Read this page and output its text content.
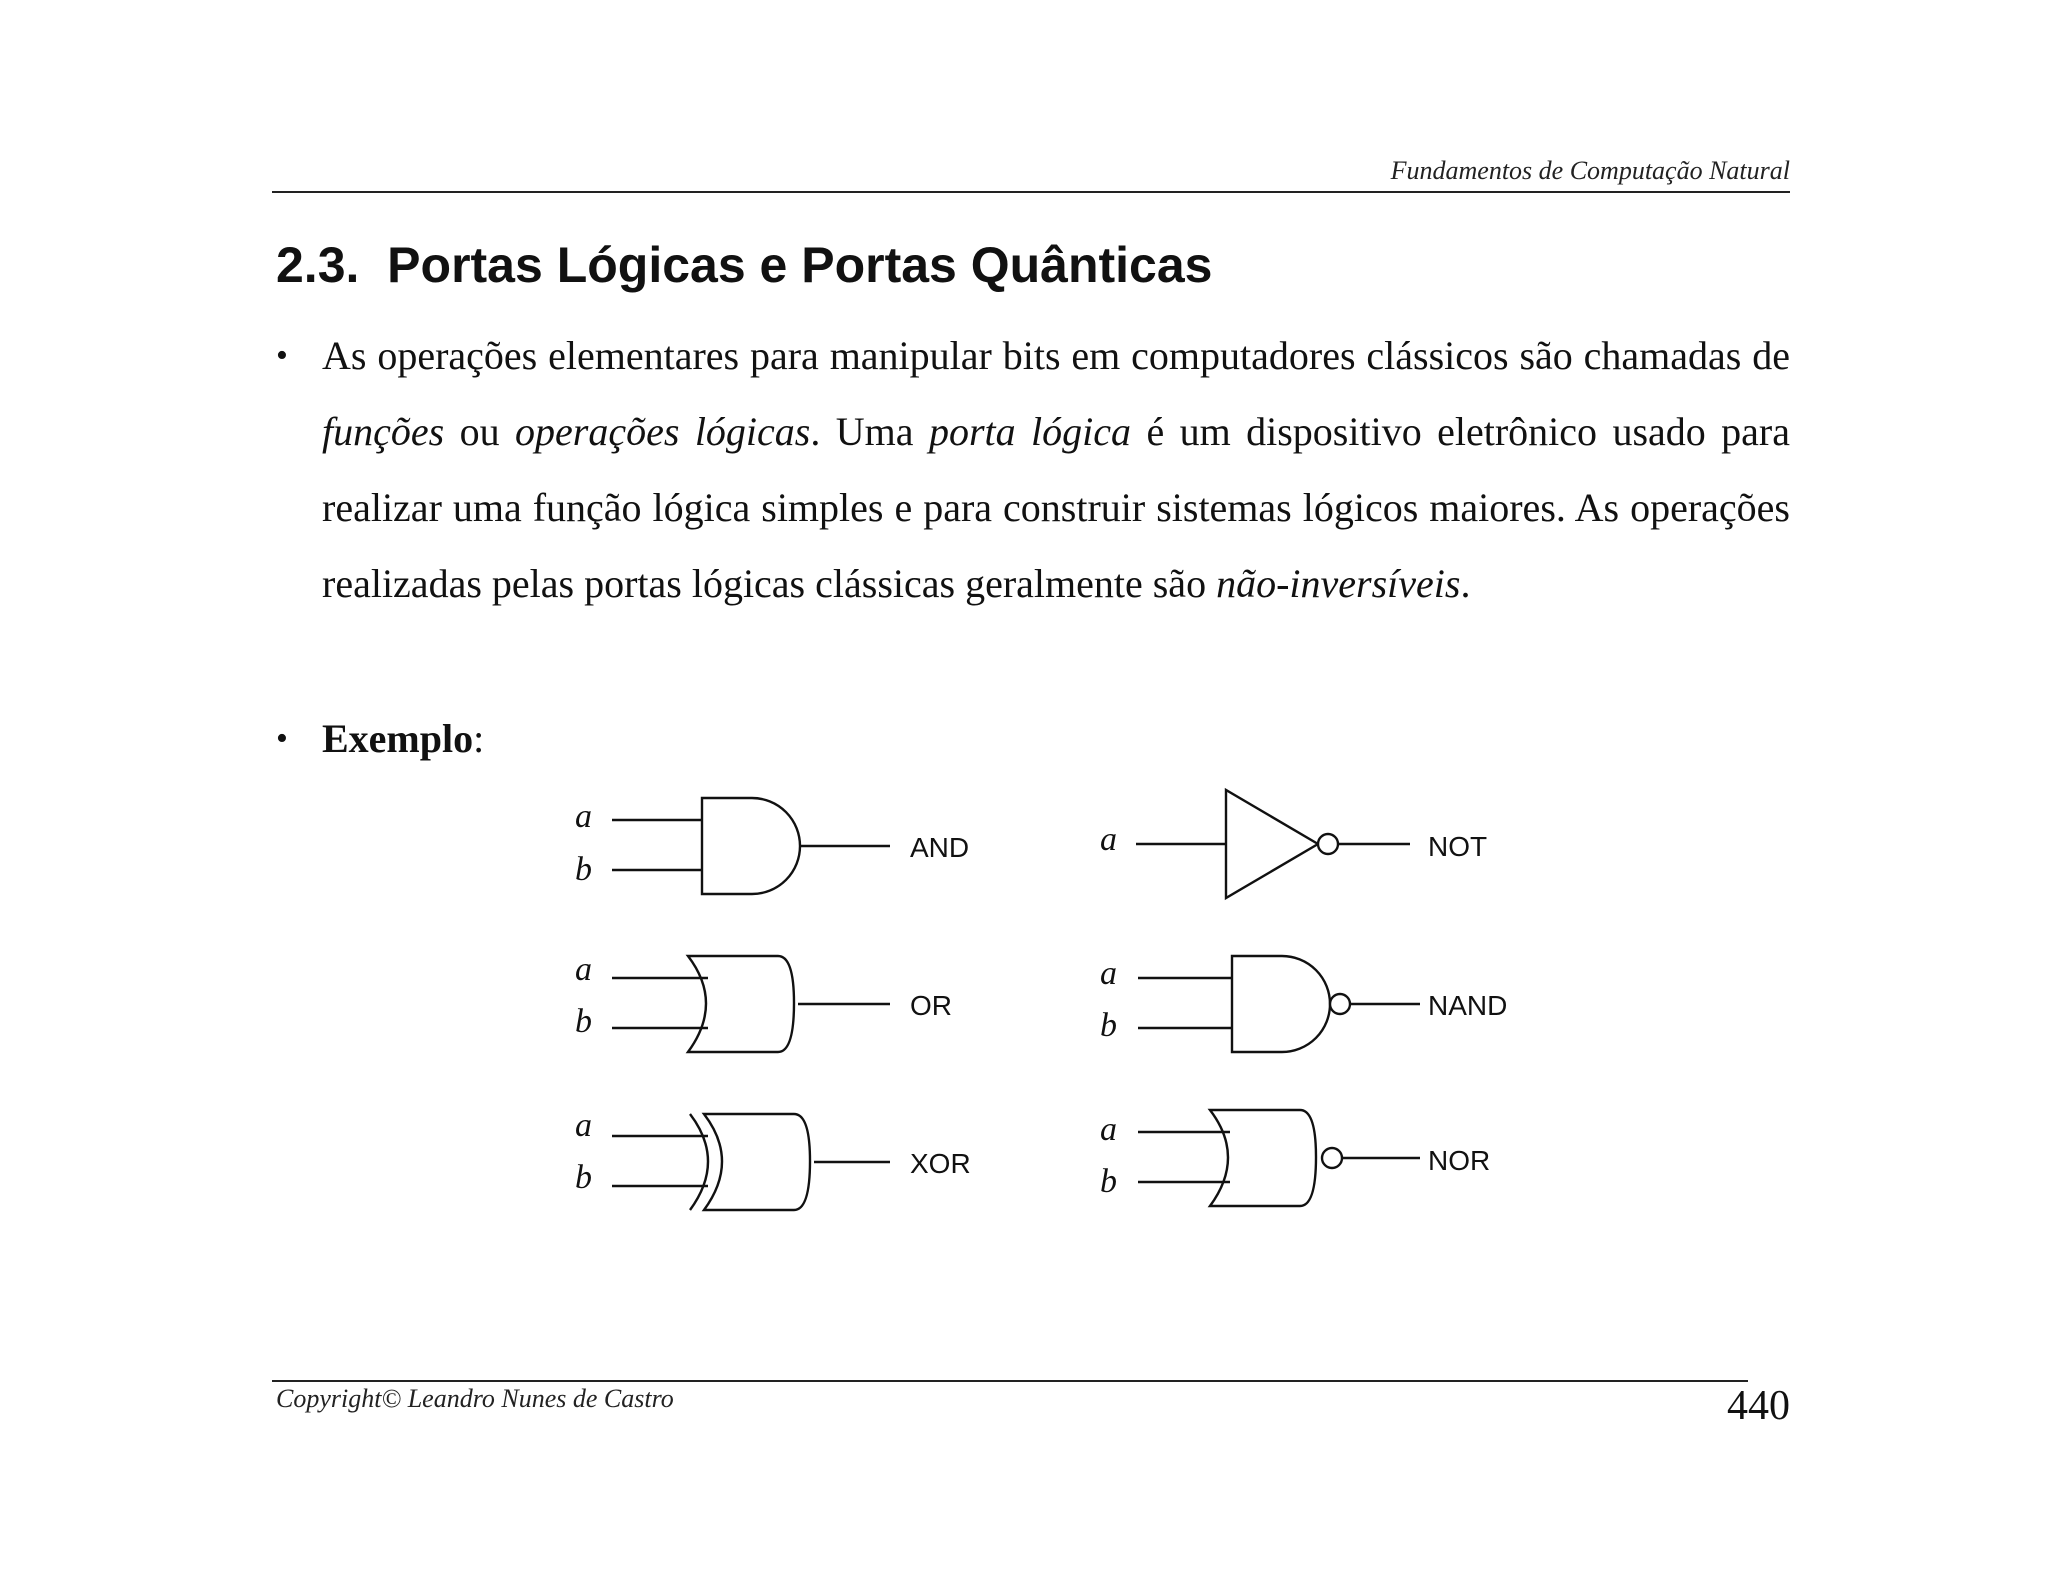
Fundamentos de Computação Natural
2.3.  Portas Lógicas e Portas Quânticas
• As operações elementares para manipular bits em computadores clássicos são chamadas de funções ou operações lógicas. Uma porta lógica é um dispositivo eletrônico usado para realizar uma função lógica simples e para construir sistemas lógicos maiores. As operações realizadas pelas portas lógicas clássicas geralmente são não-inversíveis.

• Exemplo:

a
b
AND	a	NOT
a
b	OR
a
b
NAND
a
b	XOR
a
b
NOR
Copyright© Leandro Nunes de Castro	440
